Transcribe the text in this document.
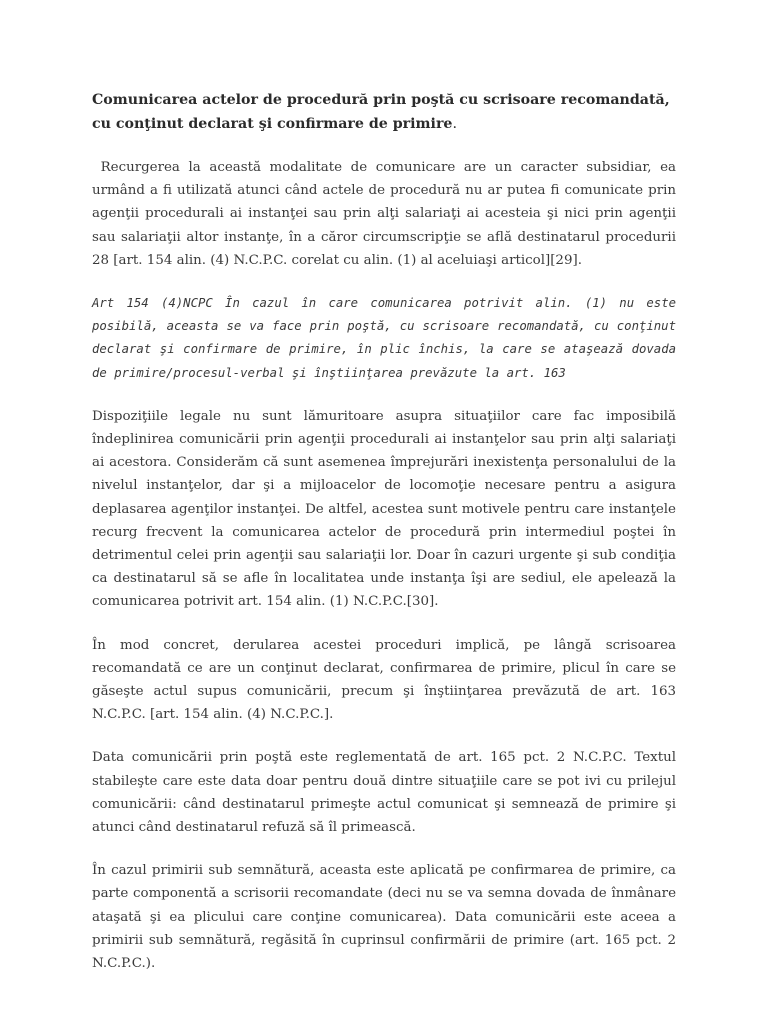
Comunicarea actelor de procedură prin poştă cu scrisoare recomandată, cu conţinut declarat şi confirmare de primire.

Recurgerea la această modalitate de comunicare are un caracter subsidiar, ea urmând a fi utilizată atunci când actele de procedură nu ar putea fi comunicate prin agenţii procedurali ai instanţei sau prin alţi salariaţi ai acesteia şi nici prin agenţii sau salariaţii altor instanţe, în a căror circumscripţie se află destinatarul procedurii 28 [art. 154 alin. (4) N.C.P.C. corelat cu alin. (1) al aceluiaşi articol][29].

Art 154 (4)NCPC În cazul în care comunicarea potrivit alin. (1) nu este posibilă, aceasta se va face prin poştă, cu scrisoare recomandată, cu conţinut declarat şi confirmare de primire, în plic închis, la care se ataşează dovada de primire/procesul-verbal şi înştiinţarea prevăzute la art. 163

Dispoziţiile legale nu sunt lămuritoare asupra situaţiilor care fac imposibilă îndeplinirea comunicării prin agenţii procedurali ai instanţelor sau prin alţi salariaţi ai acestora. Considerăm că sunt asemenea împrejurări inexistenţa personalului de la nivelul instanţelor, dar şi a mijloacelor de locomoţie necesare pentru a asigura deplasarea agenţilor instanţei. De altfel, acestea sunt motivele pentru care instanţele recurg frecvent la comunicarea actelor de procedură prin intermediul poştei în detrimentul celei prin agenţii sau salariaţii lor. Doar în cazuri urgente şi sub condiţia ca destinatarul să se afle în localitatea unde instanţa îşi are sediul, ele apelează la comunicarea potrivit art. 154 alin. (1) N.C.P.C.[30].

În mod concret, derularea acestei proceduri implică, pe lângă scrisoarea recomandată ce are un conţinut declarat, confirmarea de primire, plicul în care se găseşte actul supus comunicării, precum şi înştiinţarea prevăzută de art. 163 N.C.P.C. [art. 154 alin. (4) N.C.P.C.].

Data comunicării prin poştă este reglementată de art. 165 pct. 2 N.C.P.C. Textul stabileşte care este data doar pentru două dintre situaţiile care se pot ivi cu prilejul comunicării: când destinatarul primeşte actul comunicat şi semnează de primire şi atunci când destinatarul refuză să îl primească.

În cazul primirii sub semnătură, aceasta este aplicată pe confirmarea de primire, ca parte componentă a scrisorii recomandate (deci nu se va semna dovada de înmânare ataşată şi ea plicului care conţine comunicarea). Data comunicării este aceea a primirii sub semnătură, regăsită în cuprinsul confirmării de primire (art. 165 pct. 2 N.C.P.C.).
